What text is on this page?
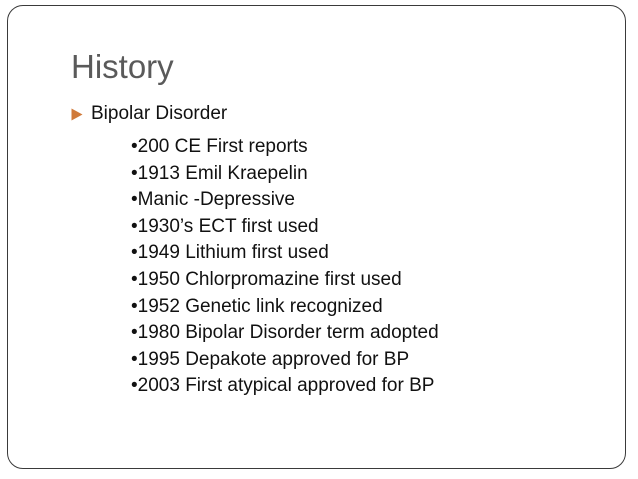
History
Bipolar Disorder
•200 CE First reports
•1913 Emil Kraepelin
•Manic -Depressive
•1930’s ECT first used
•1949 Lithium first used
•1950 Chlorpromazine first used
•1952 Genetic link recognized
•1980 Bipolar Disorder term adopted
•1995 Depakote approved for BP
•2003 First atypical approved for BP
